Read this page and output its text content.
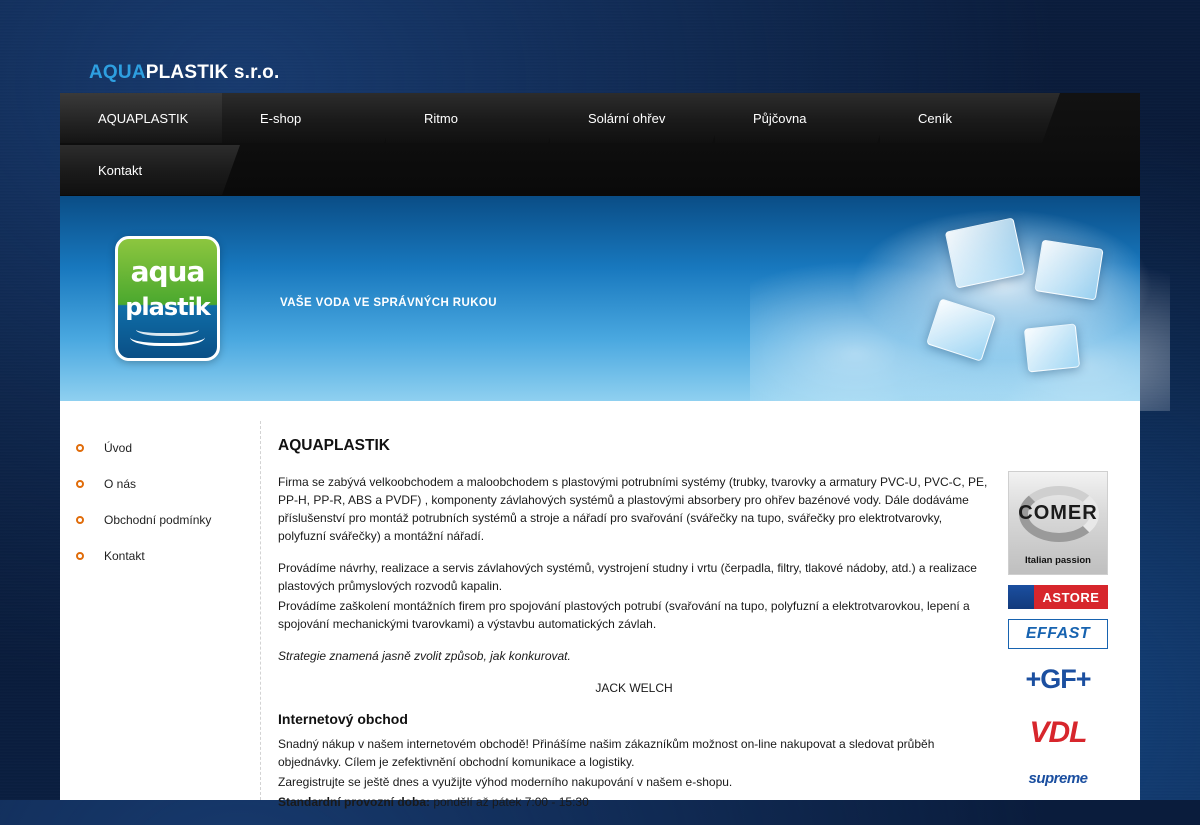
AQUAPLASTIK s.r.o.
AQUAPLASTIK	E-shop	Ritmo	Solární ohřev	Půjčovna	Ceník
Kontakt
aqua
plastik	VAŠE VODA VE SPRÁVNÝCH RUKOU
Úvod
O nás
Obchodní podmínky
Kontakt
AQUAPLASTIK

Firma se zabývá velkoobchodem a maloobchodem s plastovými potrubními systémy (trubky, tvarovky a armatury PVC-U, PVC-C, PE, PP-H, PP-R, ABS a PVDF) , komponenty závlahových systémů a plastovými absorbery pro ohřev bazénové vody. Dále dodáváme příslušenství pro montáž potrubních systémů a stroje a nářadí pro svařování (svářečky na tupo, svářečky pro elektrotvarovky, polyfuzní svářečky) a montážní nářadí.

Provádíme návrhy, realizace a servis závlahových systémů, vystrojení studny i vrtu (čerpadla, filtry, tlakové nádoby, atd.) a realizace plastových průmyslových rozvodů kapalin.

Provádíme zaškolení montážních firem pro spojování plastových potrubí (svařování na tupo, polyfuzní a elektrotvarovkou, lepení a spojování mechanickými tvarovkami) a výstavbu automatických závlah.

Strategie znamená jasně zvolit způsob, jak konkurovat.

JACK WELCH

Internetový obchod

Snadný nákup v našem internetovém obchodě! Přinášíme našim zákazníkům možnost on-line nakupovat a sledovat průběh objednávky. Cílem je zefektivnění obchodní komunikace a logistiky.

Zaregistrujte se ještě dnes a využijte výhod moderního nakupování v našem e-shopu.

Standardní provozní doba: pondělí až pátek 7:00 - 15:30

COMER
Italian passion
ASTORE
EFFAST
+GF+
VDL
supreme
